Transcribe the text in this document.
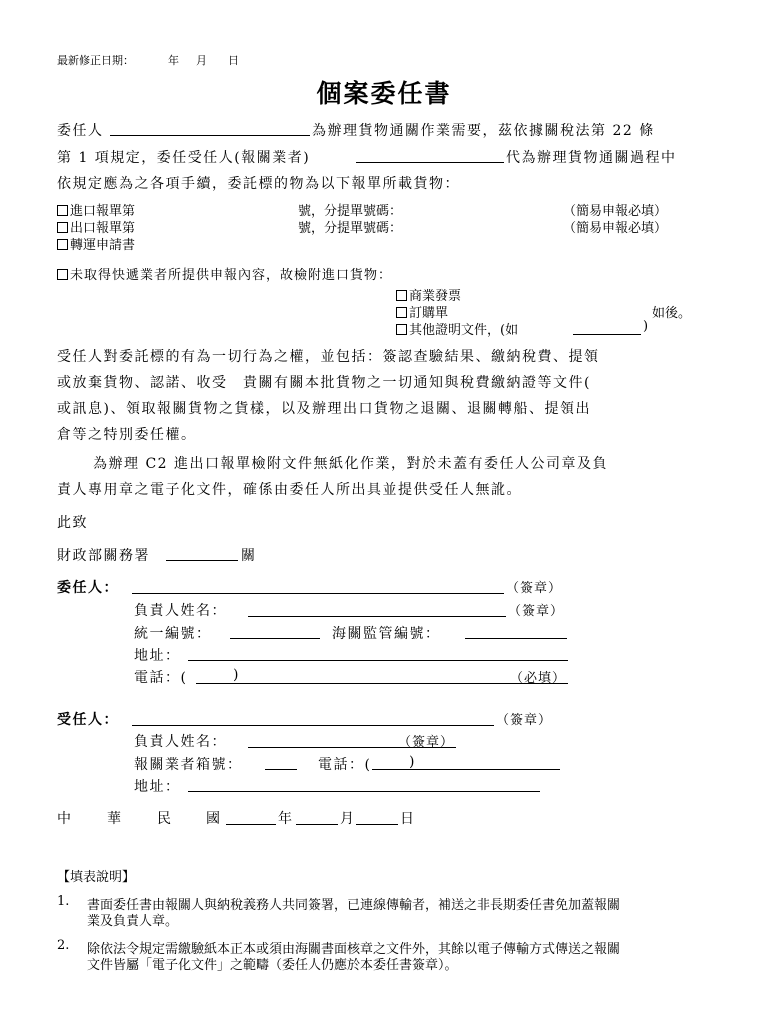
最新修正日期：	年 月 日
個案委任書
委任人	為辦理貨物通關作業需要，茲依據關稅法第 22 條
第 1 項規定，委任受任人(報關業者)	代為辦理貨物通關過程中
依規定應為之各項手續，委託標的物為以下報單所載貨物：
進口報單第	號，分提單號碼：	（簡易申報必填）
出口報單第	號，分提單號碼：	（簡易申報必填）
轉運申請書
未取得快遞業者所提供申報內容，故檢附進口貨物：
商業發票
訂購單	如後。
其他證明文件，(如	)
受任人對委託標的有為一切行為之權，並包括：簽認查驗結果、繳納稅費、提領
或放棄貨物、認諾、收受　貴關有關本批貨物之一切通知與稅費繳納證等文件(
或訊息)、領取報關貨物之貨樣，以及辦理出口貨物之退關、退關轉船、提領出
倉等之特別委任權。
為辦理 C2 進出口報單檢附文件無紙化作業，對於未蓋有委任人公司章及負
責人專用章之電子化文件，確係由委任人所出具並提供受任人無訛。
此致
財政部關務署	關
委任人：	（簽章）
負責人姓名：	（簽章）
統一編號：	海關監管編號：
地址：
電話：(	)	（必填）
受任人：	（簽章）
負責人姓名：	（簽章）
報關業者箱號：	電話：(	)
地址：
中 華 民 國	年	月	日
【填表說明】
1. 書面委任書由報關人與納稅義務人共同簽署，已連線傳輸者，補送之非長期委任書免加蓋報關
業及負責人章。
2. 除依法令規定需繳驗紙本正本或須由海關書面核章之文件外，其餘以電子傳輸方式傳送之報關
文件皆屬「電子化文件」之範疇（委任人仍應於本委任書簽章）。
